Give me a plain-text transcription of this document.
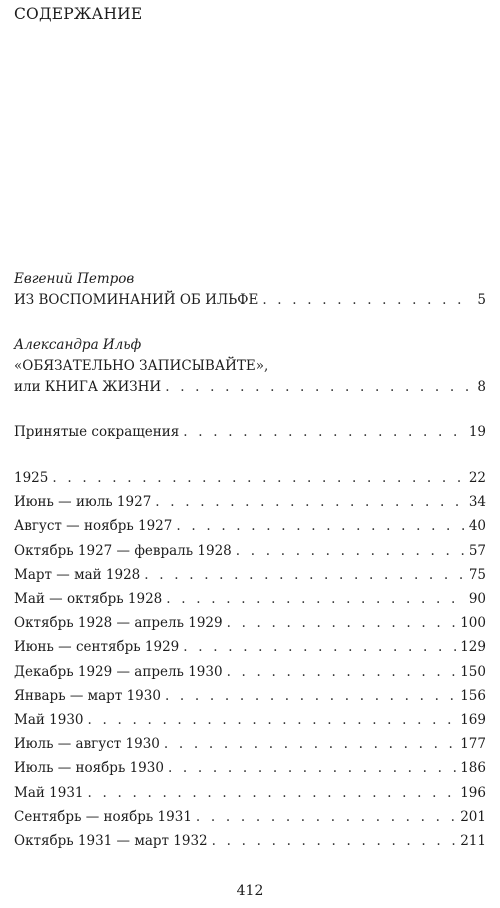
СОДЕРЖАНИЕ
Евгений Петров
ИЗ ВОСПОМИНАНИЙ ОБ ИЛЬФЕ . . .	5
Александра Ильф
«ОБЯЗАТЕЛЬНО ЗАПИСЫВАЙТЕ»,
или КНИГА ЖИЗНИ . . .	8
Принятые сокращения . . .	19
1925 . . .	22
Июнь — июль 1927 . . .	34
Август — ноябрь 1927 . . .	40
Октябрь 1927 — февраль 1928 . . .	57
Март — май 1928 . . .	75
Май — октябрь 1928 . . .	90
Октябрь 1928 — апрель 1929 . . .	100
Июнь — сентябрь 1929 . . .	129
Декабрь 1929 — апрель 1930 . . .	150
Январь — март 1930 . . .	156
Май 1930 . . .	169
Июль — август 1930 . . .	177
Июль — ноябрь 1930 . . .	186
Май 1931 . . .	196
Сентябрь — ноябрь 1931 . . .	201
Октябрь 1931 — март 1932 . . .	211
412
